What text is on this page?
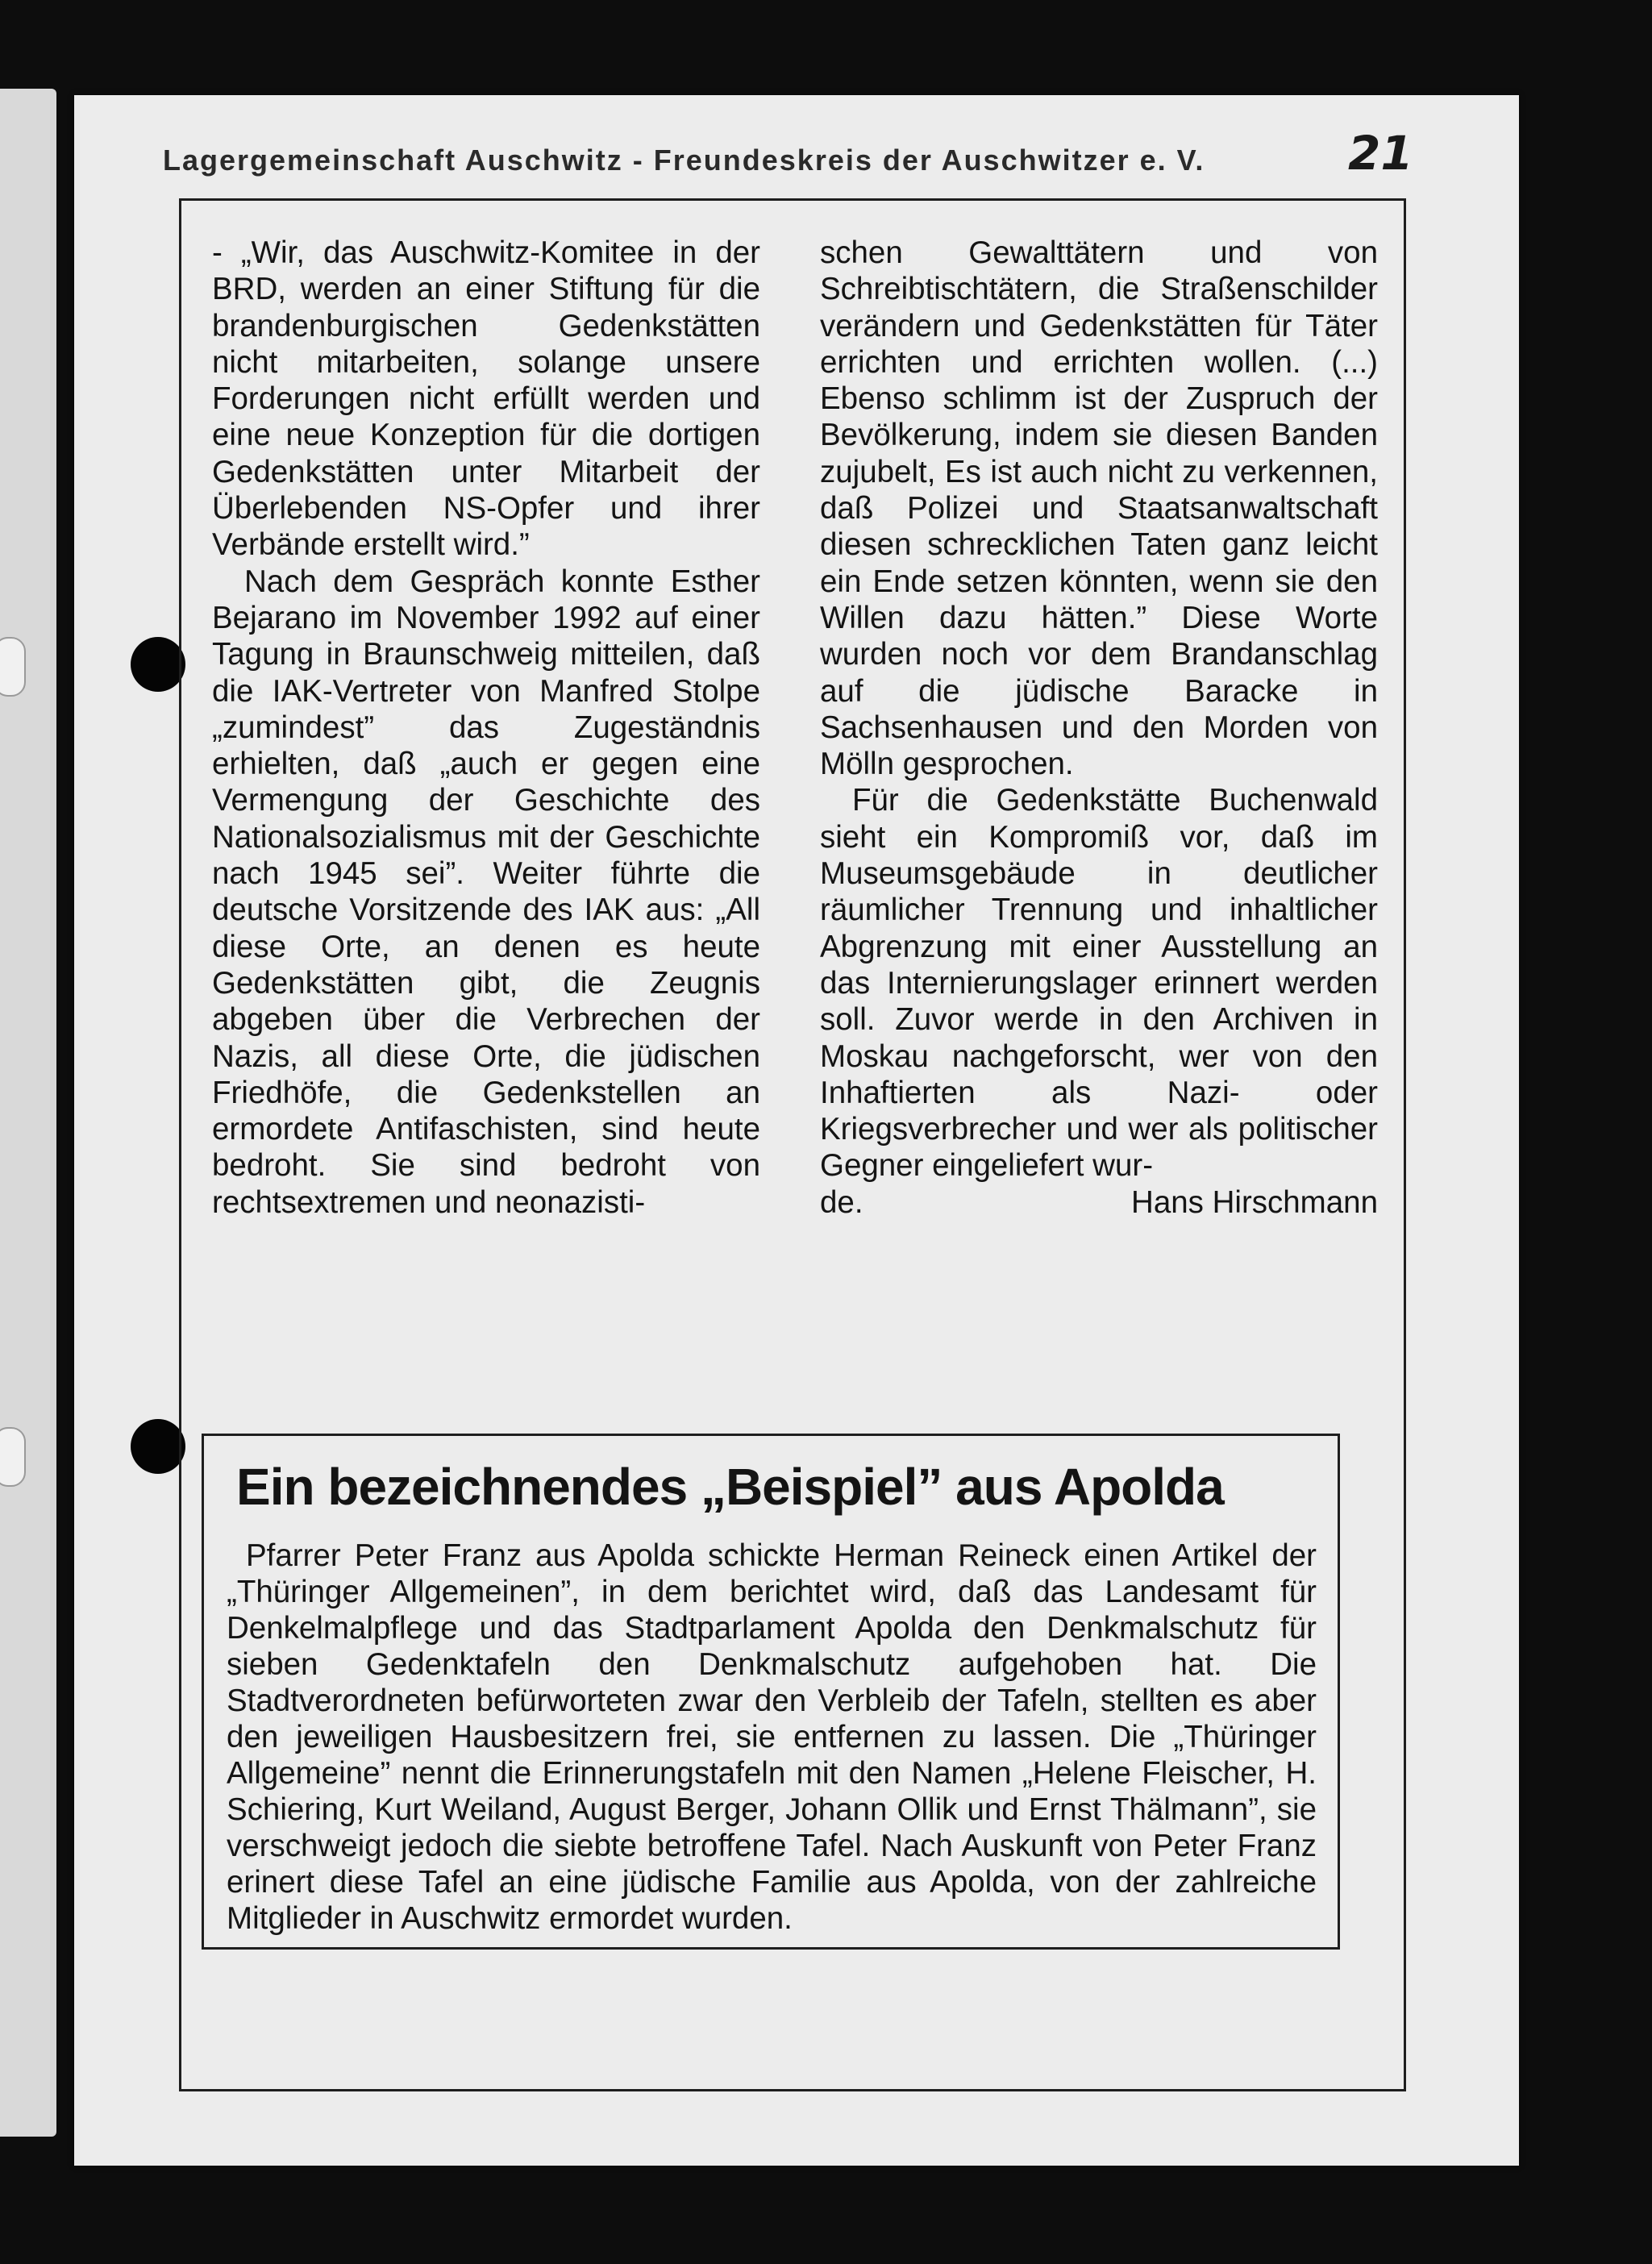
Lagergemeinschaft Auschwitz - Freundeskreis der Auschwitzer e. V.	21

- „Wir, das Auschwitz-Komitee in der BRD, werden an einer Stiftung für die brandenburgischen Gedenkstätten nicht mitarbeiten, solange unsere Forderungen nicht erfüllt werden und eine neue Konzeption für die dortigen Gedenkstätten unter Mitarbeit der Überlebenden NS-Opfer und ihrer Verbände erstellt wird.”

Nach dem Gespräch konnte Esther Bejarano im November 1992 auf einer Tagung in Braunschweig mitteilen, daß die IAK-Vertreter von Manfred Stolpe „zumindest” das Zugeständnis erhielten, daß „auch er gegen eine Vermengung der Geschichte des Nationalsozialismus mit der Geschichte nach 1945 sei”. Weiter führte die deutsche Vorsitzende des IAK aus: „All diese Orte, an denen es heute Gedenkstätten gibt, die Zeugnis abgeben über die Verbrechen der Nazis, all diese Orte, die jüdischen Friedhöfe, die Gedenkstellen an ermordete Antifaschisten, sind heute bedroht. Sie sind bedroht von rechtsextremen und neonazisti-

schen Gewalttätern und von Schreibtischtätern, die Straßenschilder verändern und Gedenkstätten für Täter errichten und errichten wollen. (...) Ebenso schlimm ist der Zuspruch der Bevölkerung, indem sie diesen Banden zujubelt, Es ist auch nicht zu verkennen, daß Polizei und Staatsanwaltschaft diesen schrecklichen Taten ganz leicht ein Ende setzen könnten, wenn sie den Willen dazu hätten.” Diese Worte wurden noch vor dem Brandanschlag auf die jüdische Baracke in Sachsenhausen und den Morden von Mölln gesprochen.

Für die Gedenkstätte Buchenwald sieht ein Kompromiß vor, daß im Museumsgebäude in deutlicher räumlicher Trennung und inhaltlicher Abgrenzung mit einer Ausstellung an das Internierungslager erinnert werden soll. Zuvor werde in den Archiven in Moskau nachgeforscht, wer von den Inhaftierten als Nazi- oder Kriegsverbrecher und wer als politischer Gegner eingeliefert wur-

de.	Hans Hirschmann
Ein bezeichnendes „Beispiel” aus Apolda

Pfarrer Peter Franz aus Apolda schickte Herman Reineck einen Artikel der „Thüringer Allgemeinen”, in dem berichtet wird, daß das Landesamt für Denkelmalpflege und das Stadtparlament Apolda den Denkmalschutz für sieben Gedenktafeln den Denkmalschutz aufgehoben hat. Die Stadtverordneten befürworteten zwar den Verbleib der Tafeln, stellten es aber den jeweiligen Hausbesitzern frei, sie entfernen zu lassen. Die „Thüringer Allgemeine” nennt die Erinnerungstafeln mit den Namen „Helene Fleischer, H. Schiering, Kurt Weiland, August Berger, Johann Ollik und Ernst Thälmann”, sie verschweigt jedoch die siebte betroffene Tafel. Nach Auskunft von Peter Franz erinert diese Tafel an eine jüdische Familie aus Apolda, von der zahlreiche Mitglieder in Auschwitz ermordet wurden.
